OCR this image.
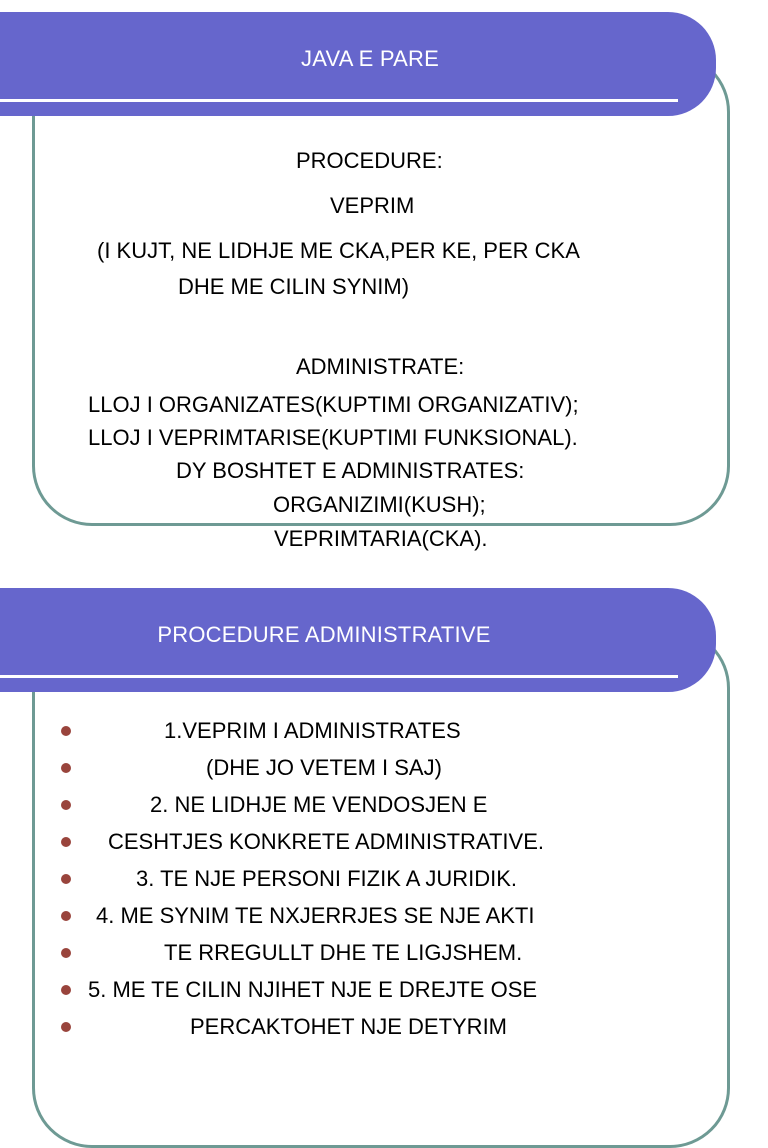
JAVA E PARE
PROCEDURE:
VEPRIM
(I KUJT, NE LIDHJE ME CKA,PER KE, PER CKA
DHE ME CILIN SYNIM)
ADMINISTRATE:
LLOJ I ORGANIZATES(KUPTIMI ORGANIZATIV);
LLOJ I VEPRIMTARISE(KUPTIMI FUNKSIONAL).
DY BOSHTET E ADMINISTRATES:
ORGANIZIMI(KUSH);
VEPRIMTARIA(CKA).
PROCEDURE ADMINISTRATIVE
1.VEPRIM I ADMINISTRATES
(DHE JO VETEM I SAJ)
2. NE LIDHJE ME VENDOSJEN E
CESHTJES KONKRETE ADMINISTRATIVE.
3. TE NJE PERSONI FIZIK A JURIDIK.
4. ME SYNIM TE NXJERRJES SE NJE AKTI
TE RREGULLT DHE TE LIGJSHEM.
5. ME TE CILIN NJIHET NJE E DREJTE OSE
PERCAKTOHET NJE DETYRIM
